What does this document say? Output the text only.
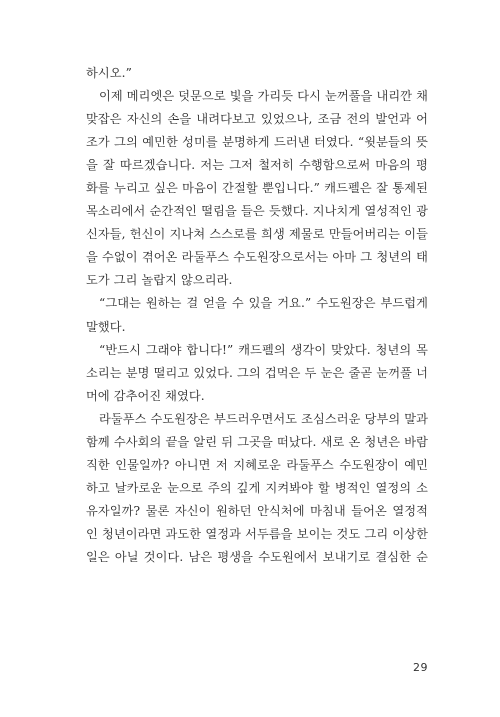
하시오.”
이제 메리엣은 덧문으로 빛을 가리듯 다시 눈꺼풀을 내리깐 채
맞잡은 자신의 손을 내려다보고 있었으나, 조금 전의 발언과 어
조가 그의 예민한 성미를 분명하게 드러낸 터였다. “윗분들의 뜻
을 잘 따르겠습니다. 저는 그저 철저히 수행함으로써 마음의 평
화를 누리고 싶은 마음이 간절할 뿐입니다.” 캐드펠은 잘 통제된
목소리에서 순간적인 떨림을 들은 듯했다. 지나치게 열성적인 광
신자들, 헌신이 지나쳐 스스로를 희생 제물로 만들어버리는 이들
을 수없이 겪어온 라둘푸스 수도원장으로서는 아마 그 청년의 태
도가 그리 놀랍지 않으리라.
“그대는 원하는 걸 얻을 수 있을 거요.” 수도원장은 부드럽게
말했다.
“반드시 그래야 합니다!” 캐드펠의 생각이 맞았다. 청년의 목
소리는 분명 떨리고 있었다. 그의 겁먹은 두 눈은 줄곧 눈꺼풀 너
머에 감추어진 채였다.
라둘푸스 수도원장은 부드러우면서도 조심스러운 당부의 말과
함께 수사회의 끝을 알린 뒤 그곳을 떠났다. 새로 온 청년은 바람
직한 인물일까? 아니면 저 지혜로운 라둘푸스 수도원장이 예민
하고 날카로운 눈으로 주의 깊게 지켜봐야 할 병적인 열정의 소
유자일까? 물론 자신이 원하던 안식처에 마침내 들어온 열정적
인 청년이라면 과도한 열정과 서두름을 보이는 것도 그리 이상한
일은 아닐 것이다. 남은 평생을 수도원에서 보내기로 결심한 순
29
